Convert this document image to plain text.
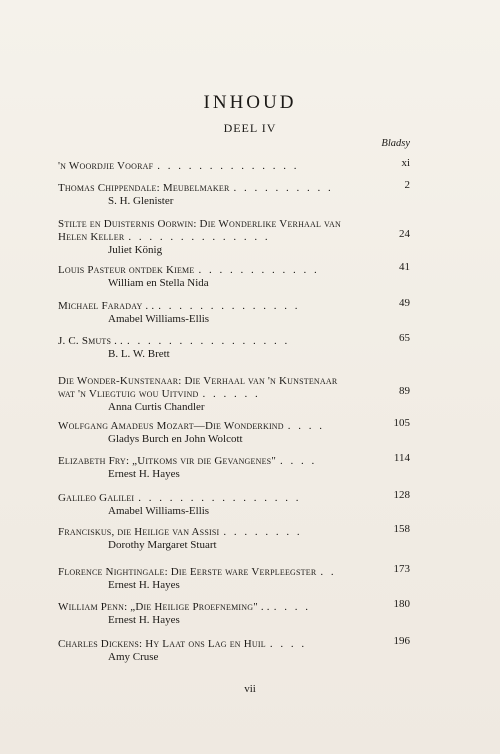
INHOUD
DEEL IV
Bladsy
'n Woordjie Vooraf . . . . . . . . . . . . . .	xi
Thomas Chippendale: Meubelmaker . . . . . . . . . .	2
S. H. Glenister
Stilte en Duisternis Oorwin: Die Wonderlike Verhaal van
Helen Keller . . . . . . . . . . . . . .	24
Juliet König
Louis Pasteur ontdek Kieme . . . . . . . . . . . .	41
William en Stella Nida
Michael Faraday . . . . . . . . . . . . . . . .	49
Amabel Williams-Ellis
J. C. Smuts . . . . . . . . . . . . . . . . . .	65
B. L. W. Brett
Die Wonder-Kunstenaar: Die Verhaal van 'n Kunstenaar
wat 'n Vliegtuig wou Uitvind . . . . . .	89
Anna Curtis Chandler
Wolfgang Amadeus Mozart—Die Wonderkind . . . .	105
Gladys Burch en John Wolcott
Elizabeth Fry: „Uitkoms vir die Gevangenes" . . . .	114
Ernest H. Hayes
Galileo Galilei . . . . . . . . . . . . . . . .	128
Amabel Williams-Ellis
Franciskus, die Heilige van Assisi . . . . . . . .	158
Dorothy Margaret Stuart
Florence Nightingale: Die Eerste ware Verpleegster . .	173
Ernest H. Hayes
William Penn: „Die Heilige Proefneming" . . . . . .	180
Ernest H. Hayes
Charles Dickens: Hy Laat ons Lag en Huil . . . .	196
Amy Cruse
vii
